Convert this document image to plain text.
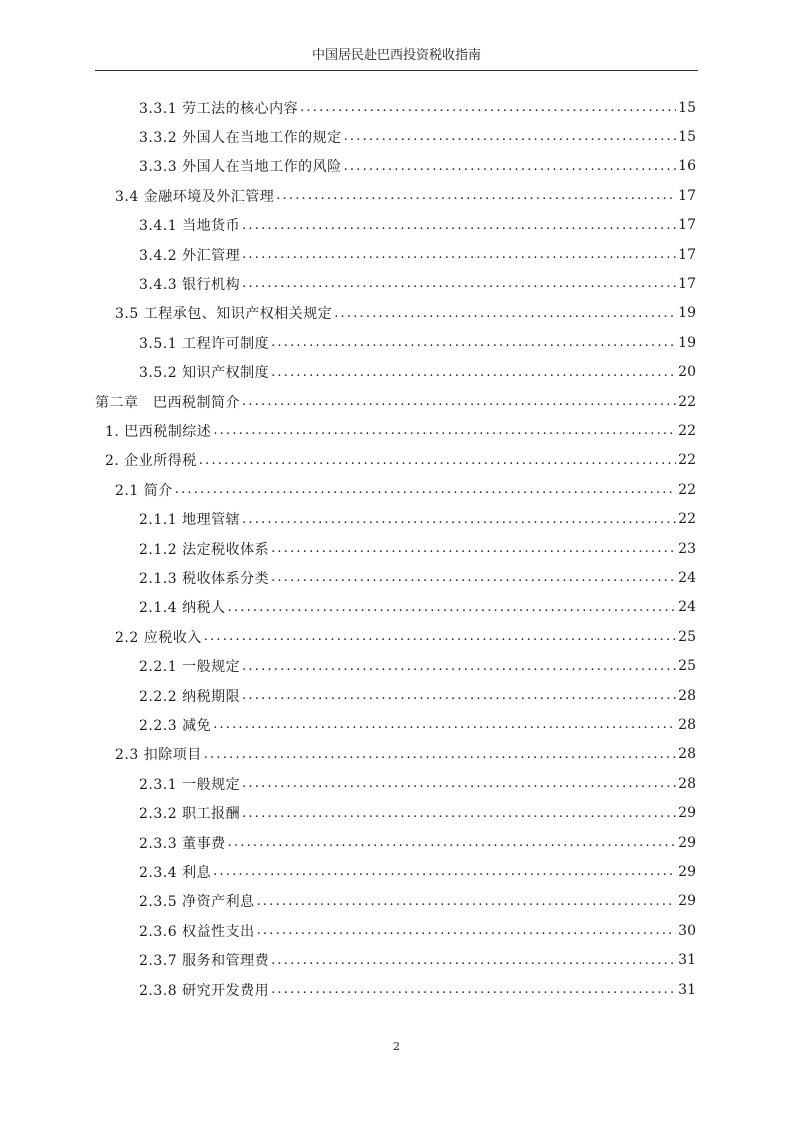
中国居民赴巴西投资税收指南
3.3.1 劳工法的核心内容 .....	15
3.3.2 外国人在当地工作的规定 .....	15
3.3.3 外国人在当地工作的风险 .....	16
3.4 金融环境及外汇管理 .....	17
3.4.1 当地货币 .....	17
3.4.2 外汇管理 .....	17
3.4.3 银行机构 .....	17
3.5 工程承包、知识产权相关规定 .....	19
3.5.1 工程许可制度 .....	19
3.5.2 知识产权制度 .....	20
第二章　巴西税制简介 .....	22
1. 巴西税制综述 .....	22
2. 企业所得税 .....	22
2.1 简介 .....	22
2.1.1 地理管辖 .....	22
2.1.2 法定税收体系 .....	23
2.1.3 税收体系分类 .....	24
2.1.4 纳税人 .....	24
2.2 应税收入 .....	25
2.2.1 一般规定 .....	25
2.2.2 纳税期限 .....	28
2.2.3 减免 .....	28
2.3 扣除项目 .....	28
2.3.1 一般规定 .....	28
2.3.2 职工报酬 .....	29
2.3.3 董事费 .....	29
2.3.4 利息 .....	29
2.3.5 净资产利息 .....	29
2.3.6 权益性支出 .....	30
2.3.7 服务和管理费 .....	31
2.3.8 研究开发费用 .....	31
2
